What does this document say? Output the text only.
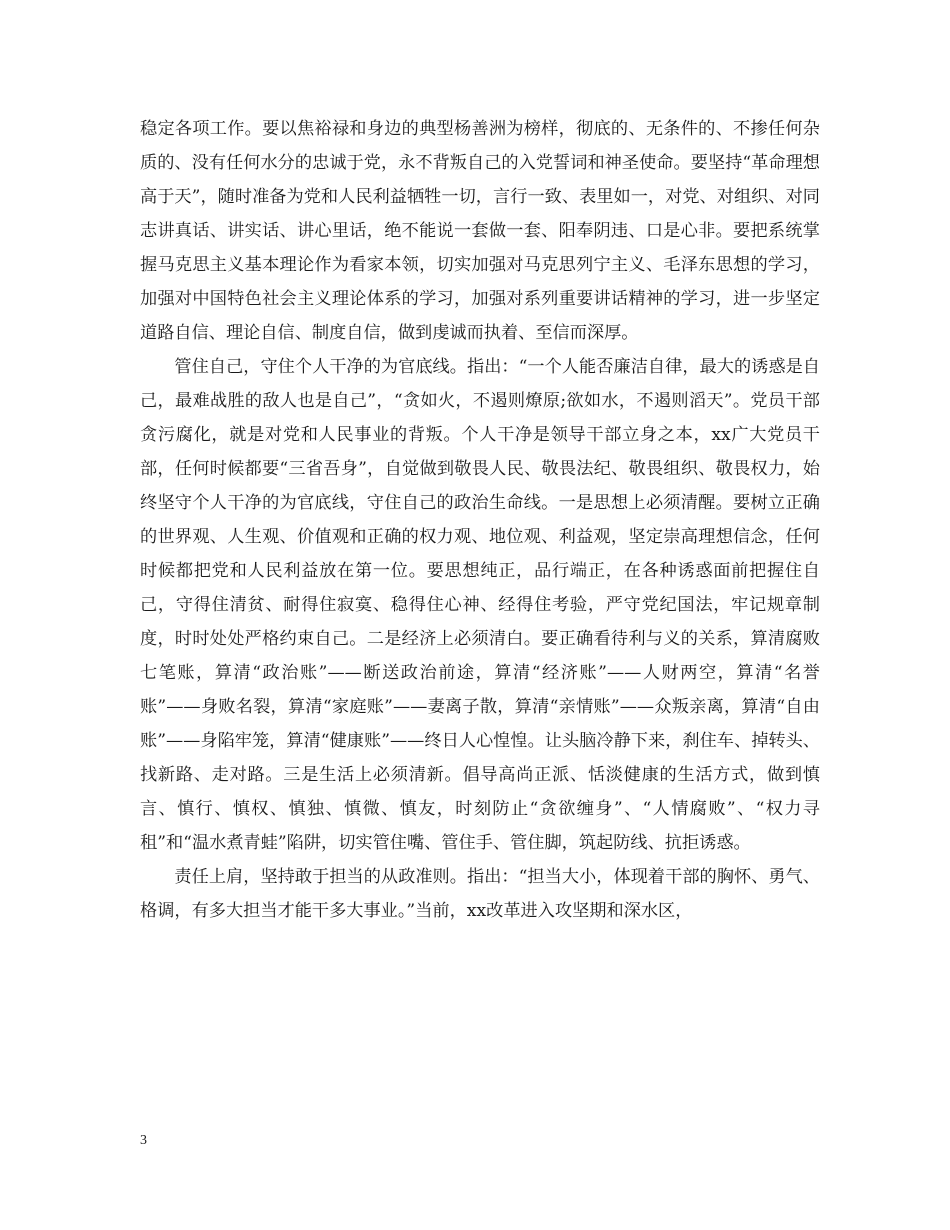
稳定各项工作。要以焦裕禄和身边的典型杨善洲为榜样，彻底的、无条件的、不掺任何杂质的、没有任何水分的忠诚于党，永不背叛自己的入党誓词和神圣使命。要坚持“革命理想高于天”，随时准备为党和人民利益牺牲一切，言行一致、表里如一，对党、对组织、对同志讲真话、讲实话、讲心里话，绝不能说一套做一套、阳奉阴违、口是心非。要把系统掌握马克思主义基本理论作为看家本领，切实加强对马克思列宁主义、毛泽东思想的学习，加强对中国特色社会主义理论体系的学习，加强对系列重要讲话精神的学习，进一步坚定道路自信、理论自信、制度自信，做到虔诚而执着、至信而深厚。

管住自己，守住个人干净的为官底线。指出：“一个人能否廉洁自律，最大的诱惑是自己，最难战胜的敌人也是自己”，“贪如火，不遏则燎原;欲如水，不遏则滔天”。党员干部贪污腐化，就是对党和人民事业的背叛。个人干净是领导干部立身之本，xx广大党员干部，任何时候都要“三省吾身”，自觉做到敬畏人民、敬畏法纪、敬畏组织、敬畏权力，始终坚守个人干净的为官底线，守住自己的政治生命线。一是思想上必须清醒。要树立正确的世界观、人生观、价值观和正确的权力观、地位观、利益观，坚定崇高理想信念，任何时候都把党和人民利益放在第一位。要思想纯正，品行端正，在各种诱惑面前把握住自己，守得住清贫、耐得住寂寞、稳得住心神、经得住考验，严守党纪国法，牢记规章制度，时时处处严格约束自己。二是经济上必须清白。要正确看待利与义的关系，算清腐败七笔账，算清“政治账”——断送政治前途，算清“经济账”——人财两空，算清“名誉账”——身败名裂，算清“家庭账”——妻离子散，算清“亲情账”——众叛亲离，算清“自由账”——身陷牢笼，算清“健康账”——终日人心惶惶。让头脑冷静下来，刹住车、掉转头、找新路、走对路。三是生活上必须清新。倡导高尚正派、恬淡健康的生活方式，做到慎言、慎行、慎权、慎独、慎微、慎友，时刻防止“贪欲缠身”、“人情腐败”、“权力寻租”和“温水煮青蛙”陷阱，切实管住嘴、管住手、管住脚，筑起防线、抗拒诱惑。

责任上肩，坚持敢于担当的从政准则。指出：“担当大小，体现着干部的胸怀、勇气、格调，有多大担当才能干多大事业。”当前，xx改革进入攻坚期和深水区，

3
